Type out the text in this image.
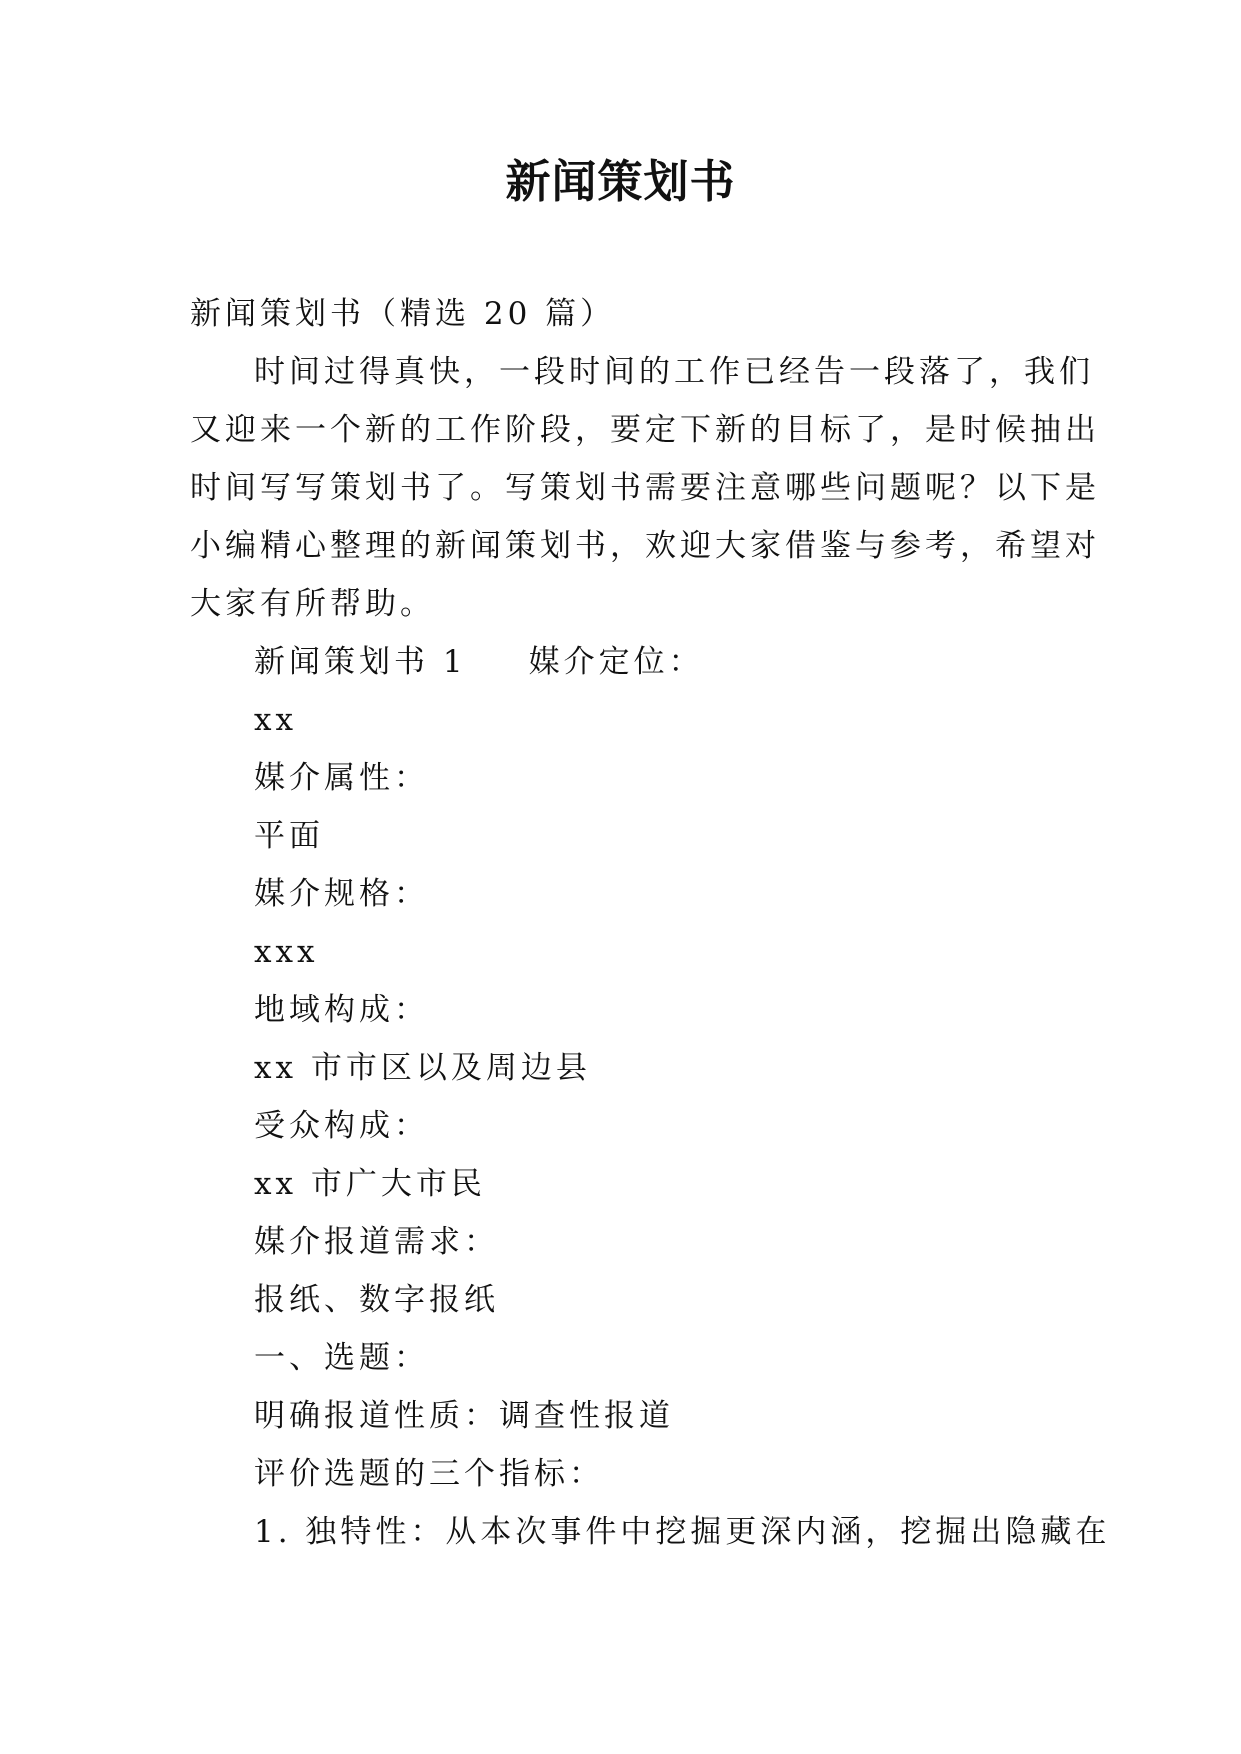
新闻策划书

新闻策划书（精选 20 篇）

时间过得真快，一段时间的工作已经告一段落了，我们

又迎来一个新的工作阶段，要定下新的目标了，是时候抽出

时间写写策划书了。写策划书需要注意哪些问题呢？以下是

小编精心整理的新闻策划书，欢迎大家借鉴与参考，希望对

大家有所帮助。

新闻策划书 1 媒介定位：

xx

媒介属性：

平面

媒介规格：

xxx

地域构成：

xx 市市区以及周边县

受众构成：

xx 市广大市民

媒介报道需求：

报纸、数字报纸

一、选题：

明确报道性质：调查性报道

评价选题的三个指标：

1. 独特性：从本次事件中挖掘更深内涵，挖掘出隐藏在
